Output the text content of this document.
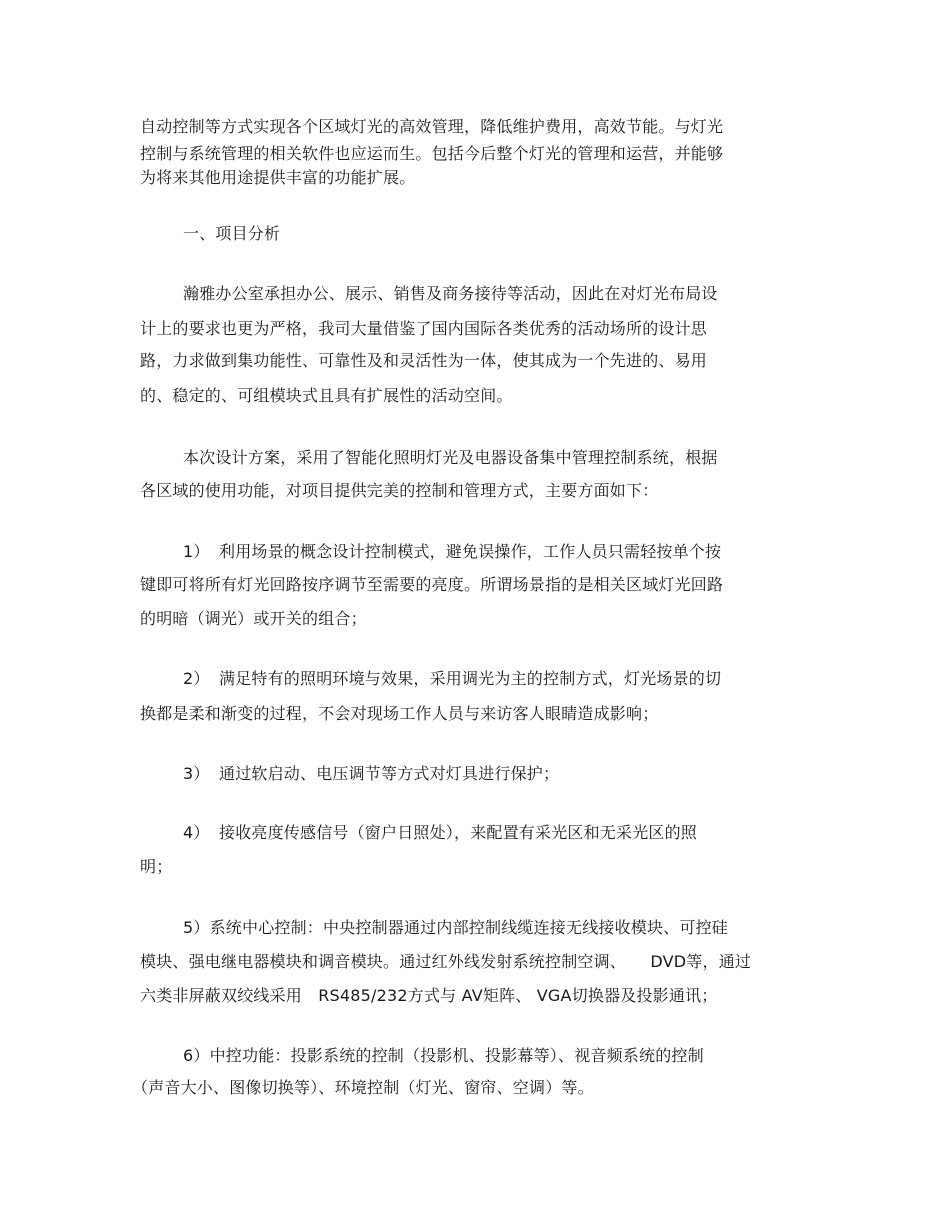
自动控制等方式实现各个区域灯光的高效管理，降低维护费用，高效节能。与灯光
控制与系统管理的相关软件也应运而生。包括今后整个灯光的管理和运营，并能够
为将来其他用途提供丰富的功能扩展。
一、项目分析
瀚雅办公室承担办公、展示、销售及商务接待等活动，因此在对灯光布局设
计上的要求也更为严格，我司大量借鉴了国内国际各类优秀的活动场所的设计思
路，力求做到集功能性、可靠性及和灵活性为一体，使其成为一个先进的、易用
的、稳定的、可组模块式且具有扩展性的活动空间。
本次设计方案，采用了智能化照明灯光及电器设备集中管理控制系统，根据
各区域的使用功能，对项目提供完美的控制和管理方式，主要方面如下：
1） 利用场景的概念设计控制模式，避免误操作，工作人员只需轻按单个按
键即可将所有灯光回路按序调节至需要的亮度。所谓场景指的是相关区域灯光回路
的明暗（调光）或开关的组合；
2） 满足特有的照明环境与效果，采用调光为主的控制方式，灯光场景的切
换都是柔和渐变的过程，不会对现场工作人员与来访客人眼睛造成影响；
3） 通过软启动、电压调节等方式对灯具进行保护；
4） 接收亮度传感信号（窗户日照处），来配置有采光区和无采光区的照
明；
5）系统中心控制：中央控制器通过内部控制线缆连接无线接收模块、可控硅
模块、强电继电器模块和调音模块。通过红外线发射系统控制空调、　　DVD等，通过
六类非屏蔽双绞线采用　RS485/232方式与 AV矩阵、 VGA切换器及投影通讯；
6）中控功能：投影系统的控制（投影机、投影幕等）、视音频系统的控制
（声音大小、图像切换等）、环境控制（灯光、窗帘、空调）等。
